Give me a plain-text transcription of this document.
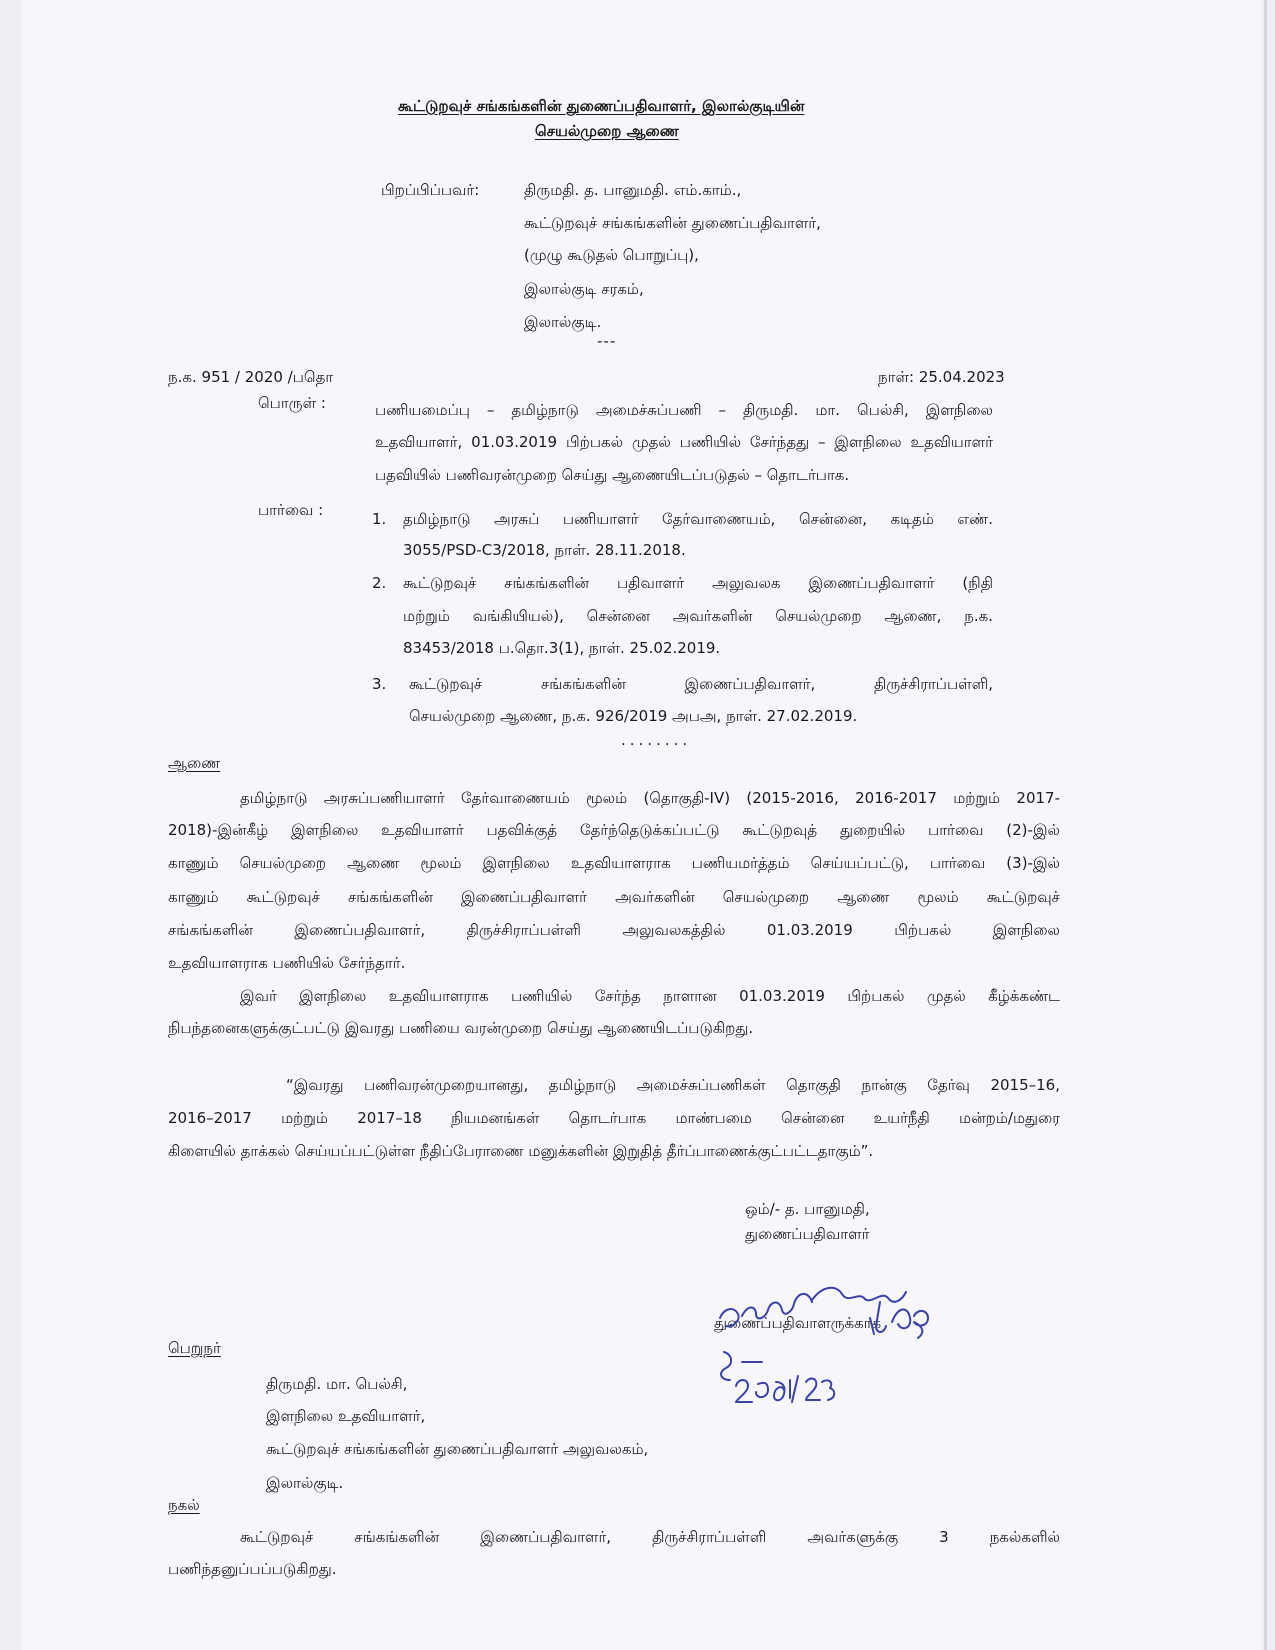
கூட்டுறவுச் சங்கங்களின் துணைப்பதிவாளர், இலால்குடியின்
செயல்முறை ஆணை
பிறப்பிப்பவர்:	திருமதி. த. பானுமதி. எம்.காம்.,
கூட்டுறவுச் சங்கங்களின் துணைப்பதிவாளர்,
(முழு கூடுதல் பொறுப்பு),
இலால்குடி சரகம்,
இலால்குடி.
---
ந.க. 951 / 2020 /பதொ	நாள்: 25.04.2023
பொருள் :	பணியமைப்பு – தமிழ்நாடு அமைச்சுப்பணி – திருமதி. மா. பெல்சி, இளநிலை
உதவியாளர், 01.03.2019 பிற்பகல் முதல் பணியில் சேர்ந்தது – இளநிலை உதவியாளர்
பதவியில் பணிவரன்முறை செய்து ஆணையிடப்படுதல் – தொடர்பாக.
பார்வை :	1. தமிழ்நாடு அரசுப் பணியாளர் தேர்வாணையம், சென்னை, கடிதம் எண்.
3055/PSD-C3/2018, நாள். 28.11.2018.
2. கூட்டுறவுச் சங்கங்களின் பதிவாளர் அலுவலக இணைப்பதிவாளர் (நிதி
மற்றும் வங்கியியல்), சென்னை அவர்களின் செயல்முறை ஆணை, ந.க.
83453/2018 ப.தொ.3(1), நாள். 25.02.2019.
3. கூட்டுறவுச் சங்கங்களின் இணைப்பதிவாளர், திருச்சிராப்பள்ளி,
செயல்முறை ஆணை, ந.க. 926/2019 அபஅ, நாள். 27.02.2019.
........
ஆணை
தமிழ்நாடு அரசுப்பணியாளர் தேர்வாணையம் மூலம் (தொகுதி-IV) (2015-2016, 2016-2017 மற்றும் 2017-
2018)-இன்கீழ் இளநிலை உதவியாளர் பதவிக்குத் தேர்ந்தெடுக்கப்பட்டு கூட்டுறவுத் துறையில் பார்வை (2)-இல்
காணும் செயல்முறை ஆணை மூலம் இளநிலை உதவியாளராக பணியமர்த்தம் செய்யப்பட்டு, பார்வை (3)-இல்
காணும் கூட்டுறவுச் சங்கங்களின் இணைப்பதிவாளர் அவர்களின் செயல்முறை ஆணை மூலம் கூட்டுறவுச்
சங்கங்களின் இணைப்பதிவாளர், திருச்சிராப்பள்ளி அலுவலகத்தில் 01.03.2019 பிற்பகல் இளநிலை
உதவியாளராக பணியில் சேர்ந்தார்.
இவர் இளநிலை உதவியாளராக பணியில் சேர்ந்த நாளான 01.03.2019 பிற்பகல் முதல் கீழ்க்கண்ட
நிபந்தனைகளுக்குட்பட்டு இவரது பணியை வரன்முறை செய்து ஆணையிடப்படுகிறது.
“இவரது பணிவரன்முறையானது, தமிழ்நாடு அமைச்சுப்பணிகள் தொகுதி நான்கு தேர்வு 2015–16,
2016–2017 மற்றும் 2017–18 நியமனங்கள் தொடர்பாக மாண்பமை சென்னை உயர்நீதி மன்றம்/மதுரை
கிளையில் தாக்கல் செய்யப்பட்டுள்ள நீதிப்பேராணை மனுக்களின் இறுதித் தீர்ப்பாணைக்குட்பட்டதாகும்”.
ஒம்/- த. பானுமதி,
துணைப்பதிவாளர்
துணைப்பதிவாளருக்காக
பெறுநர்
திருமதி. மா. பெல்சி,
இளநிலை உதவியாளர்,
கூட்டுறவுச் சங்கங்களின் துணைப்பதிவாளர் அலுவலகம்,
இலால்குடி.
நகல்
கூட்டுறவுச் சங்கங்களின் இணைப்பதிவாளர், திருச்சிராப்பள்ளி அவர்களுக்கு 3 நகல்களில்
பணிந்தனுப்பப்படுகிறது.
